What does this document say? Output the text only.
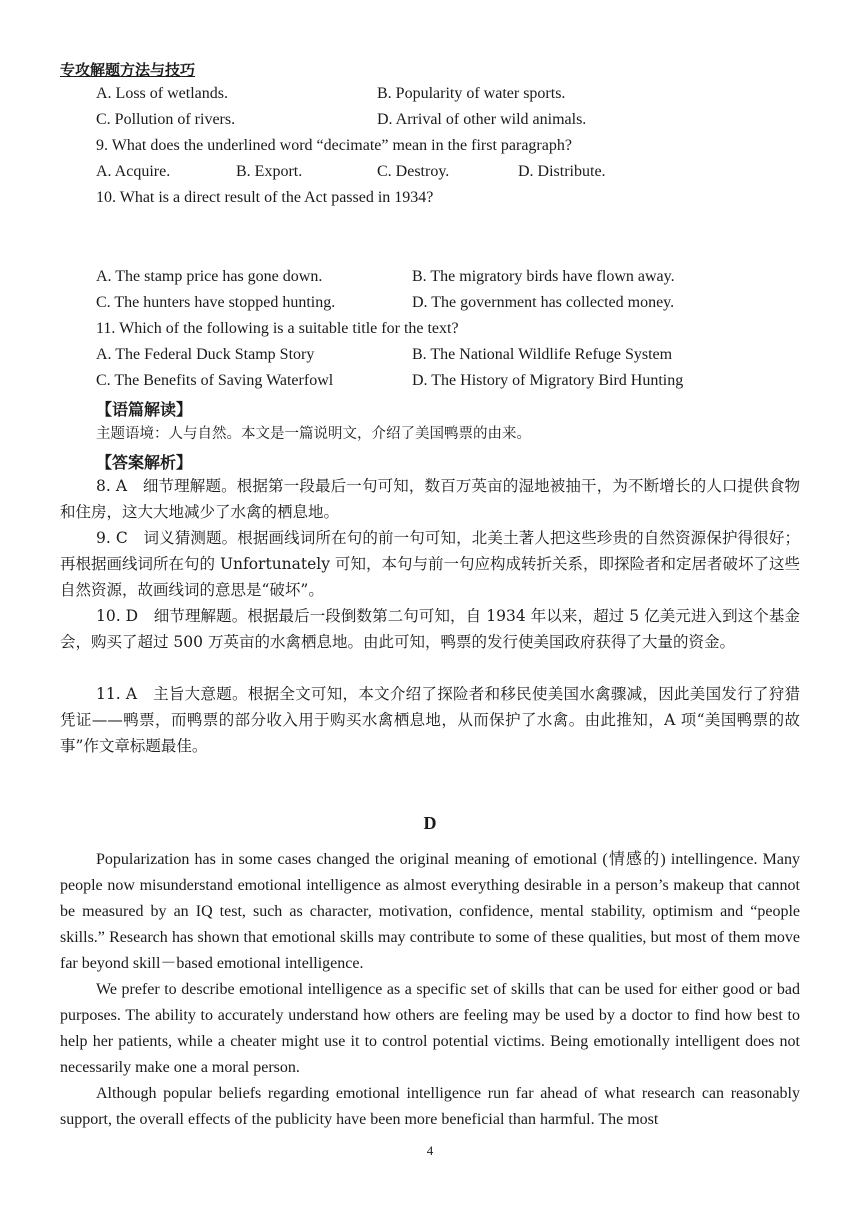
专攻解题方法与技巧
A. Loss of wetlands.	B. Popularity of water sports.
C. Pollution of rivers.	D. Arrival of other wild animals.
9. What does the underlined word “decimate” mean in the first paragraph?
A. Acquire.	B. Export.	C. Destroy.	D. Distribute.
10. What is a direct result of the Act passed in 1934?
A. The stamp price has gone down.	B. The migratory birds have flown away.
C. The hunters have stopped hunting.	D. The government has collected money.
11. Which of the following is a suitable title for the text?
A. The Federal Duck Stamp Story	B. The National Wildlife Refuge System
C. The Benefits of Saving Waterfowl	D. The History of Migratory Bird Hunting
【语篇解读】
主题语境：人与自然。本文是一篇说明文，介绍了美国鸭票的由来。
【答案解析】

8. A　细节理解题。根据第一段最后一句可知，数百万英亩的湿地被抽干，为不断增长的人口提供食物和住房，这大大地减少了水禽的栖息地。

9. C　词义猜测题。根据画线词所在句的前一句可知，北美土著人把这些珍贵的自然资源保护得很好；再根据画线词所在句的 Unfortunately 可知，本句与前一句应构成转折关系，即探险者和定居者破坏了这些自然资源，故画线词的意思是“破坏”。

10. D　细节理解题。根据最后一段倒数第二句可知，自 1934 年以来，超过 5 亿美元进入到这个基金会，购买了超过 500 万英亩的水禽栖息地。由此可知，鸭票的发行使美国政府获得了大量的资金。

11. A　主旨大意题。根据全文可知，本文介绍了探险者和移民使美国水禽骤减，因此美国发行了狩猎凭证——鸭票，而鸭票的部分收入用于购买水禽栖息地，从而保护了水禽。由此推知，A 项“美国鸭票的故事”作文章标题最佳。

D

Popularization has in some cases changed the original meaning of emotional (情感的) intellingence. Many people now misunderstand emotional intelligence as almost everything desirable in a person’s makeup that cannot be measured by an IQ test, such as character, motivation, confidence, mental stability, optimism and “people skills.” Research has shown that emotional skills may contribute to some of these qualities, but most of them move far beyond skill－based emotional intelligence.

We prefer to describe emotional intelligence as a specific set of skills that can be used for either good or bad purposes. The ability to accurately understand how others are feeling may be used by a doctor to find how best to help her patients, while a cheater might use it to control potential victims. Being emotionally intelligent does not necessarily make one a moral person.

Although popular beliefs regarding emotional intelligence run far ahead of what research can reasonably support, the overall effects of the publicity have been more beneficial than harmful. The most

4
